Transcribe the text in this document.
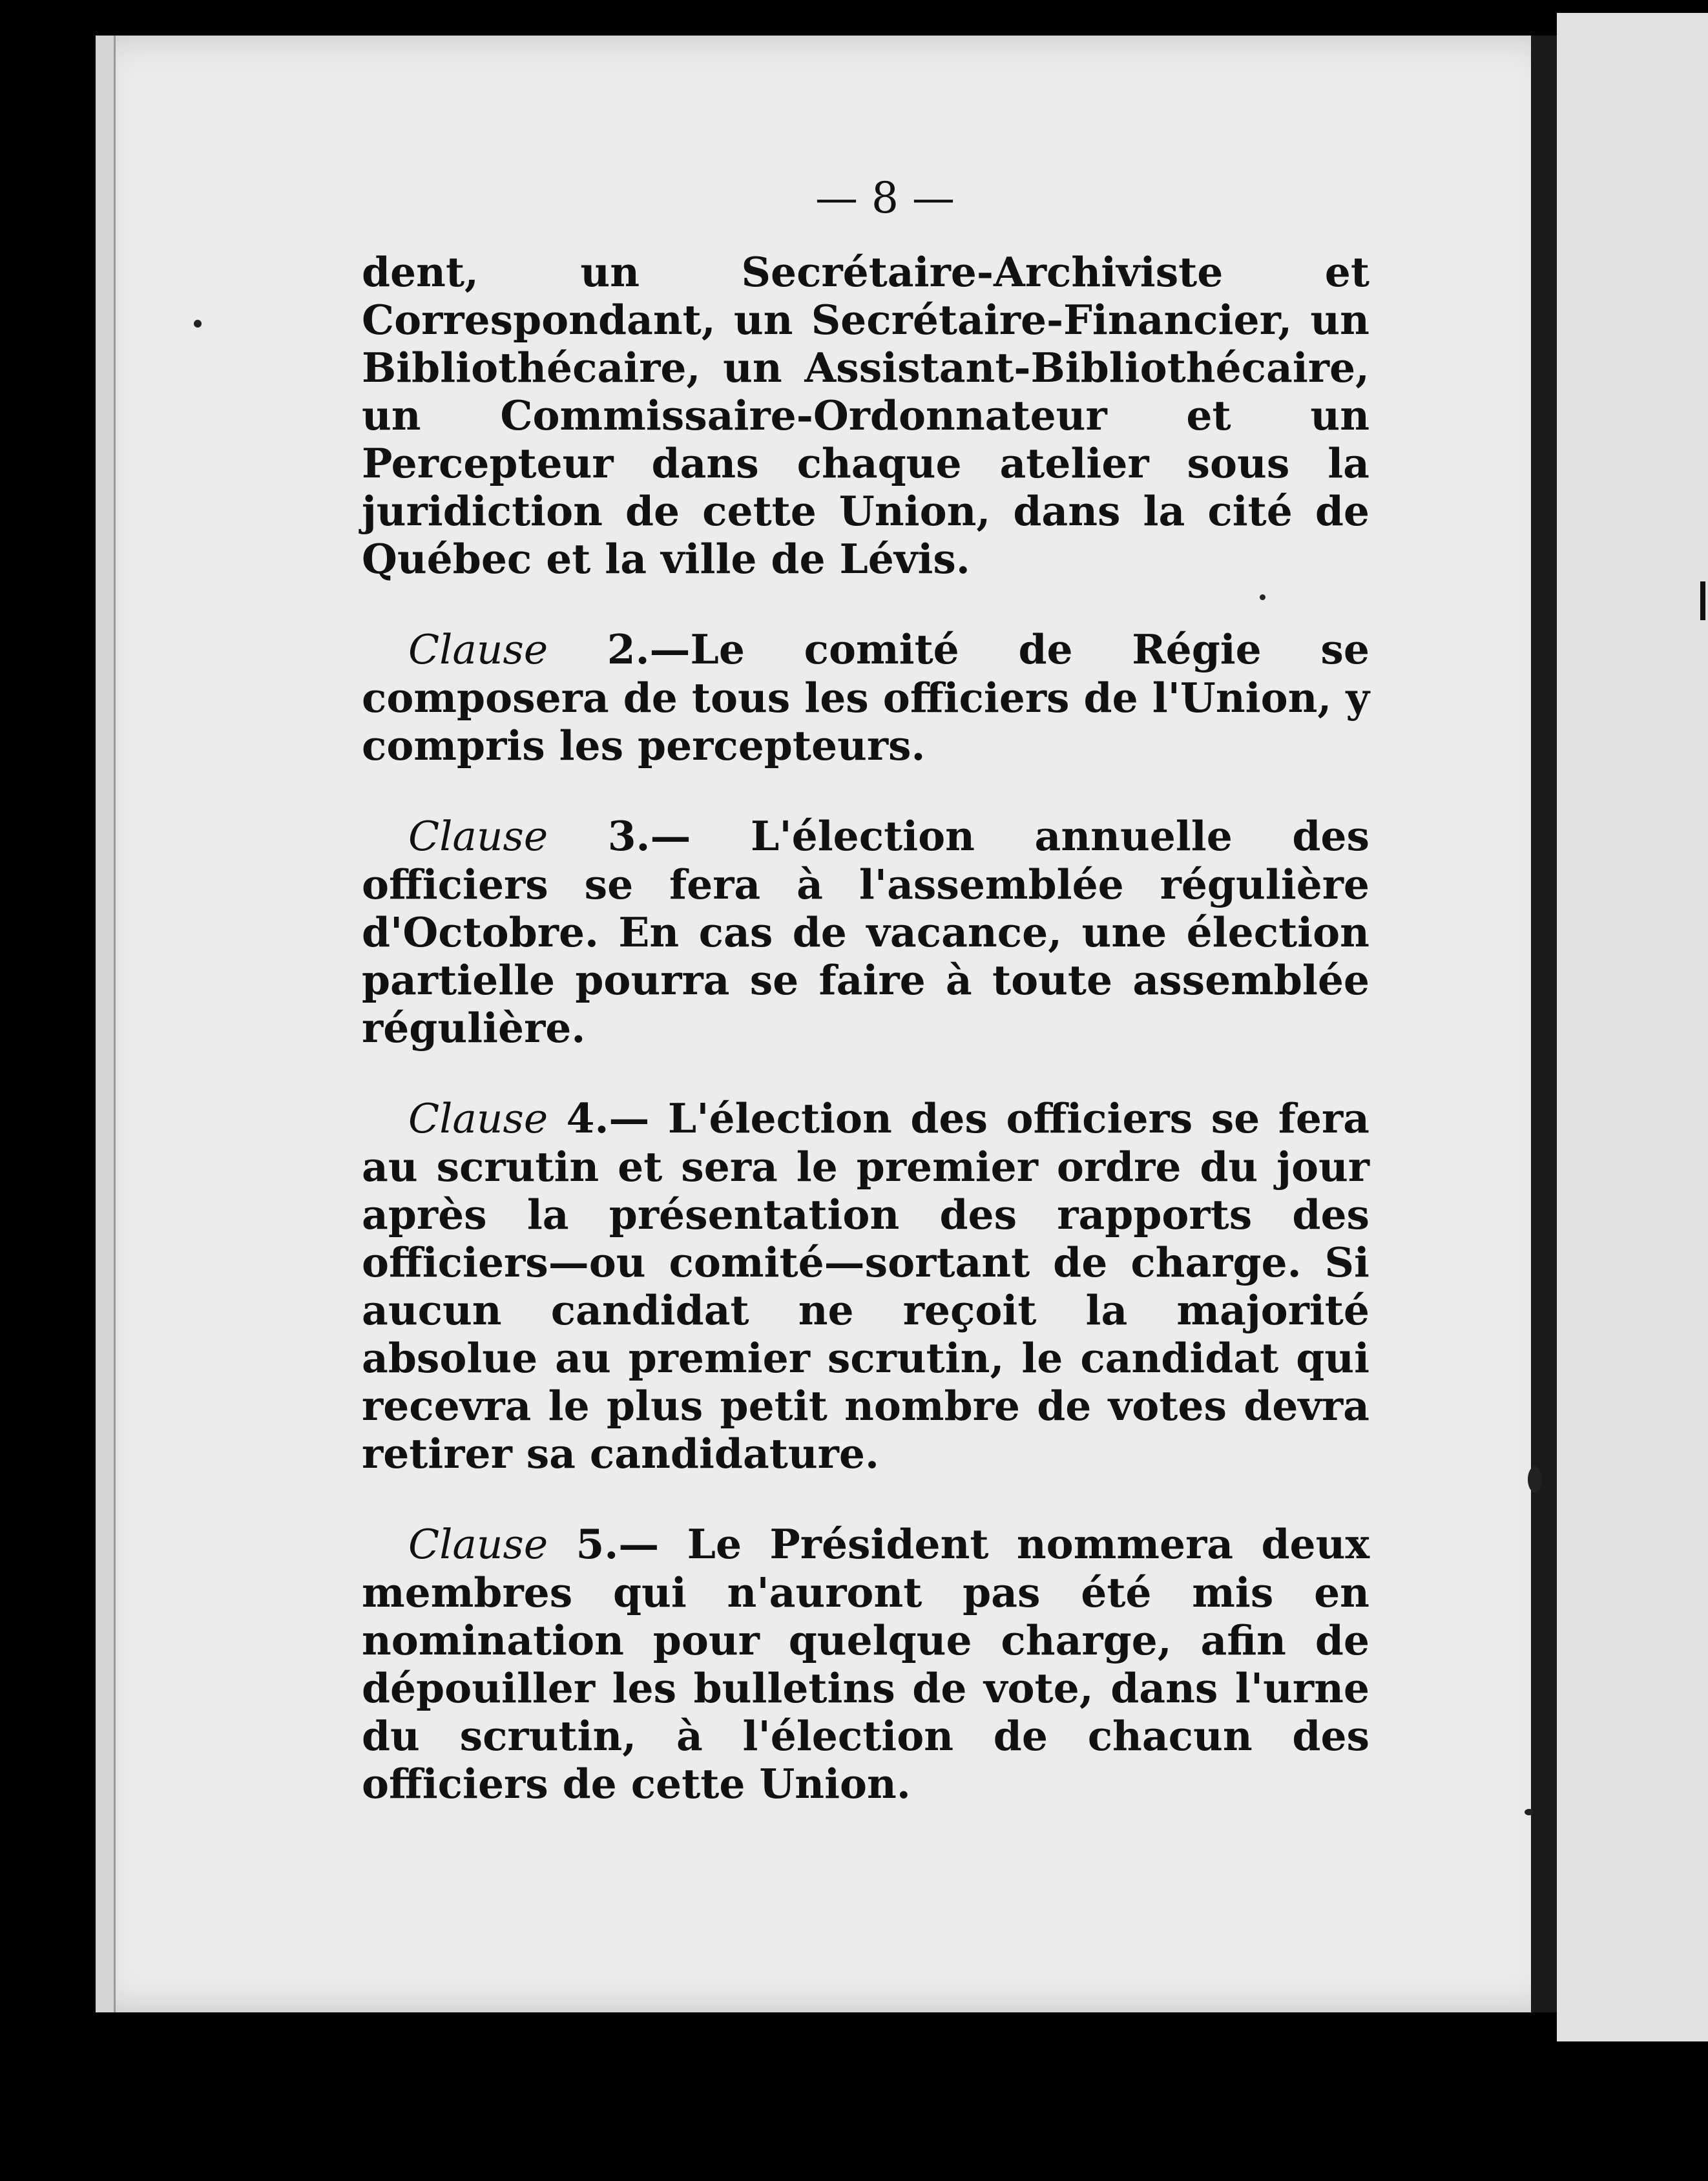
— 8 —

dent, un Secrétaire-Archiviste et Correspondant, un Secrétaire-Financier, un Bibliothécaire, un Assistant-Bibliothécaire, un Commissaire-Ordonnateur et un Percepteur dans chaque atelier sous la juridiction de cette Union, dans la cité de Québec et la ville de Lévis.

Clause 2.—Le comité de Régie se composera de tous les officiers de l'Union, y compris les percepteurs.

Clause 3.— L'élection annuelle des officiers se fera à l'assemblée régulière d'Octobre. En cas de vacance, une élection partielle pourra se faire à toute assemblée régulière.

Clause 4.— L'élection des officiers se fera au scrutin et sera le premier ordre du jour après la présentation des rapports des officiers—ou comité—sortant de charge. Si aucun candidat ne reçoit la majorité absolue au premier scrutin, le candidat qui recevra le plus petit nombre de votes devra retirer sa candidature.

Clause 5.— Le Président nommera deux membres qui n'auront pas été mis en nomination pour quelque charge, afin de dépouiller les bulletins de vote, dans l'urne du scrutin, à l'élection de chacun des officiers de cette Union.
